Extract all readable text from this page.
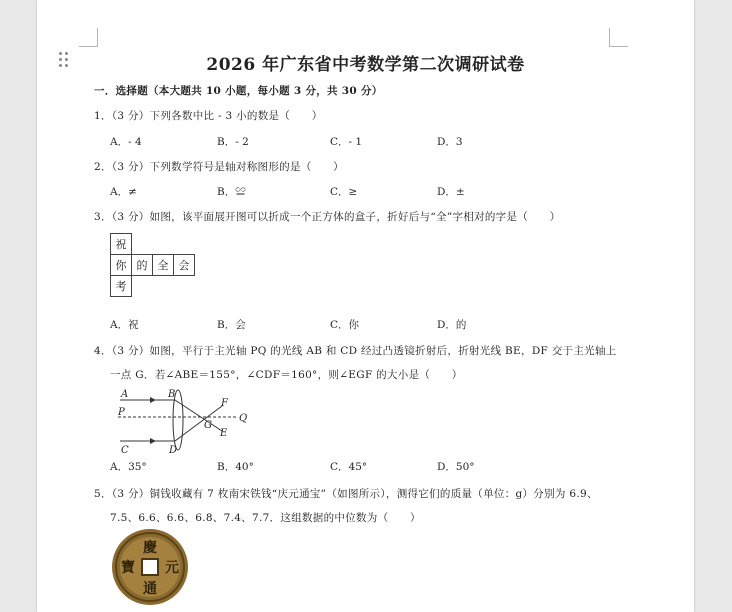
2026 年广东省中考数学第二次调研试卷
一．选择题（本大题共 10 小题，每小题 3 分，共 30 分）
1．（3 分）下列各数中比 - 3 小的数是（　　）
A．- 4	B．- 2	C．- 1	D．3
2．（3 分）下列数学符号是轴对称图形的是（　　）
A．≠	B．≌	C．≥	D．±
3．（3 分）如图，该平面展开图可以折成一个正方体的盒子，折好后与“全”字相对的字是（　　）
祝			
你	的	全	会
考			
A．祝	B．会	C．你	D．的
4．（3 分）如图，平行于主光轴 PQ 的光线 AB 和 CD 经过凸透镜折射后，折射光线 BE，DF 交于主光轴上
一点 G．若∠ABE＝155°，∠CDF＝160°，则∠EGF 的大小是（　　）
A	B
P
C	D
F
G
E
Q
A．35°	B．40°	C．45°	D．50°
5．（3 分）铜钱收藏有 7 枚南宋铁钱“庆元通宝”（如图所示），测得它们的质量（单位：g）分别为 6.9、
7.5、6.6、6.6、6.8、7.4、7.7．这组数据的中位数为（　　）
慶
元
通
寶
